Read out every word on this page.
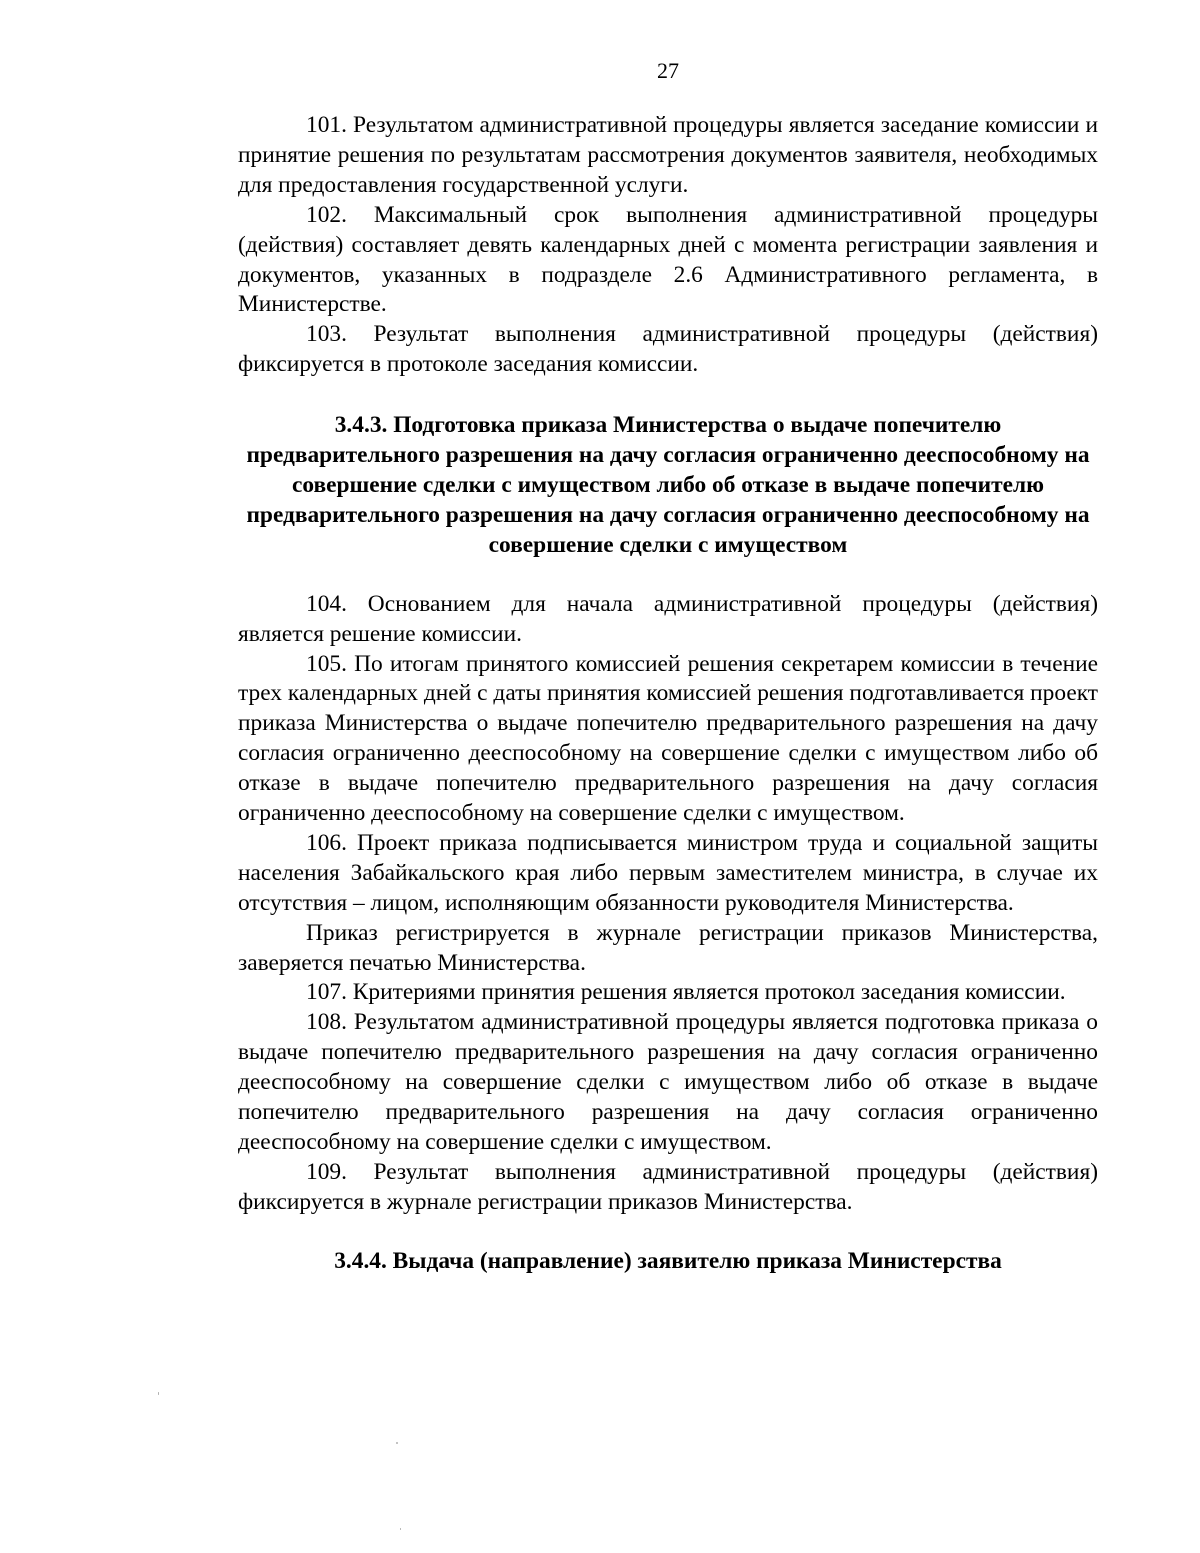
27

101. Результатом административной процедуры является заседание комиссии и принятие решения по результатам рассмотрения документов заявителя, необходимых для предоставления государственной услуги.

102. Максимальный срок выполнения административной процедуры (действия) составляет девять календарных дней с момента регистрации заявления и документов, указанных в подразделе 2.6 Административного регламента, в Министерстве.

103. Результат выполнения административной процедуры (действия) фиксируется в протоколе заседания комиссии.

3.4.3. Подготовка приказа Министерства о выдаче попечителю предварительного разрешения на дачу согласия ограниченно дееспособному на совершение сделки с имуществом либо об отказе в выдаче попечителю предварительного разрешения на дачу согласия ограниченно дееспособному на совершение сделки с имуществом

104. Основанием для начала административной процедуры (действия) является решение комиссии.

105. По итогам принятого комиссией решения секретарем комиссии в течение трех календарных дней с даты принятия комиссией решения подготавливается проект приказа Министерства о выдаче попечителю предварительного разрешения на дачу согласия ограниченно дееспособному на совершение сделки с имуществом либо об отказе в выдаче попечителю предварительного разрешения на дачу согласия ограниченно дееспособному на совершение сделки с имуществом.

106. Проект приказа подписывается министром труда и социальной защиты населения Забайкальского края либо первым заместителем министра, в случае их отсутствия – лицом, исполняющим обязанности руководителя Министерства.

Приказ регистрируется в журнале регистрации приказов Министерства, заверяется печатью Министерства.

107. Критериями принятия решения является протокол заседания комиссии.

108. Результатом административной процедуры является подготовка приказа о выдаче попечителю предварительного разрешения на дачу согласия ограниченно дееспособному на совершение сделки с имуществом либо об отказе в выдаче попечителю предварительного разрешения на дачу согласия ограниченно дееспособному на совершение сделки с имуществом.

109. Результат выполнения административной процедуры (действия) фиксируется в журнале регистрации приказов Министерства.

3.4.4. Выдача (направление) заявителю приказа Министерства
